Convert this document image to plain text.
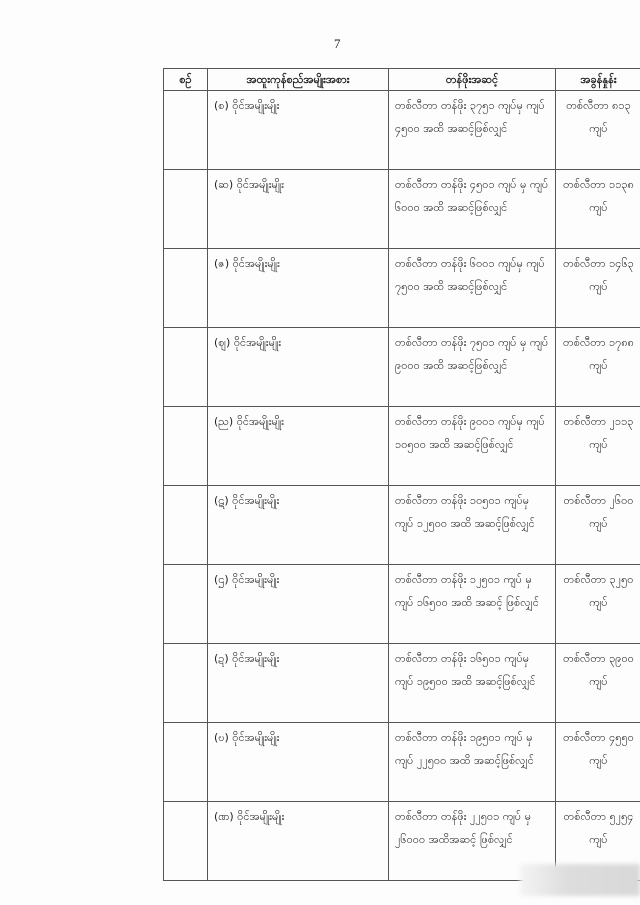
7
စဉ်	အထူးကုန်စည်အမျိုးအစား	တန်ဖိုးအဆင့်	အခွန်နှုန်း
	(စ) ဝိုင်အမျိုးမျိုး	တစ်လီတာ တန်ဖိုး ၃၇၅၁ ကျပ်မှ ကျပ် ၄၅၀၀ အထိ အဆင့်ဖြစ်လျှင်	တစ်လီတာ ၈၁၃ ကျပ်
	(ဆ) ဝိုင်အမျိုးမျိုး	တစ်လီတာ တန်ဖိုး ၄၅၀၁ ကျပ် မှ ကျပ် ၆၀၀၀ အထိ အဆင့်ဖြစ်လျှင်	တစ်လီတာ ၁၁၃၈ ကျပ်
	(ဇ) ဝိုင်အမျိုးမျိုး	တစ်လီတာ တန်ဖိုး ၆၀၀၁ ကျပ်မှ ကျပ် ၇၅၀၀ အထိ အဆင့်ဖြစ်လျှင်	တစ်လီတာ ၁၄၆၃ ကျပ်
	(ဈ) ဝိုင်အမျိုးမျိုး	တစ်လီတာ တန်ဖိုး ၇၅၀၁ ကျပ် မှ ကျပ် ၉၀၀၀ အထိ အဆင့်ဖြစ်လျှင်	တစ်လီတာ ၁၇၈၈ ကျပ်
	(ည) ဝိုင်အမျိုးမျိုး	တစ်လီတာ တန်ဖိုး ၉၀၀၁ ကျပ်မှ ကျပ် ၁၀၅၀၀ အထိ အဆင့်ဖြစ်လျှင်	တစ်လီတာ ၂၁၁၃ ကျပ်
	(ဋ) ဝိုင်အမျိုးမျိုး	တစ်လီတာ တန်ဖိုး ၁၀၅၀၁ ကျပ်မှ ကျပ် ၁၂၅၀၀ အထိ အဆင့်ဖြစ်လျှင်	တစ်လီတာ ၂၆၀၀ ကျပ်
	(ဌ) ဝိုင်အမျိုးမျိုး	တစ်လီတာ တန်ဖိုး ၁၂၅၀၁ ကျပ် မှ ကျပ် ၁၆၅၀၀ အထိ အဆင့် ဖြစ်လျှင်	တစ်လီတာ ၃၂၅၀ ကျပ်
	(ဍ) ဝိုင်အမျိုးမျိုး	တစ်လီတာ တန်ဖိုး ၁၆၅၀၁ ကျပ်မှ ကျပ် ၁၉၅၀၀ အထိ အဆင့်ဖြစ်လျှင်	တစ်လီတာ ၃၉၀၀ ကျပ်
	(ဎ) ဝိုင်အမျိုးမျိုး	တစ်လီတာ တန်ဖိုး ၁၉၅၀၁ ကျပ် မှ ကျပ် ၂၂၅၀၀ အထိ အဆင့်ဖြစ်လျှင်	တစ်လီတာ ၄၅၅၀ ကျပ်
	(ဏ) ဝိုင်အမျိုးမျိုး	တစ်လီတာ တန်ဖိုး ၂၂၅၀၁ ကျပ် မှ ၂၆၀၀၀ အထိအဆင့် ဖြစ်လျှင်	တစ်လီတာ ၅၂၅၄ ကျပ်
